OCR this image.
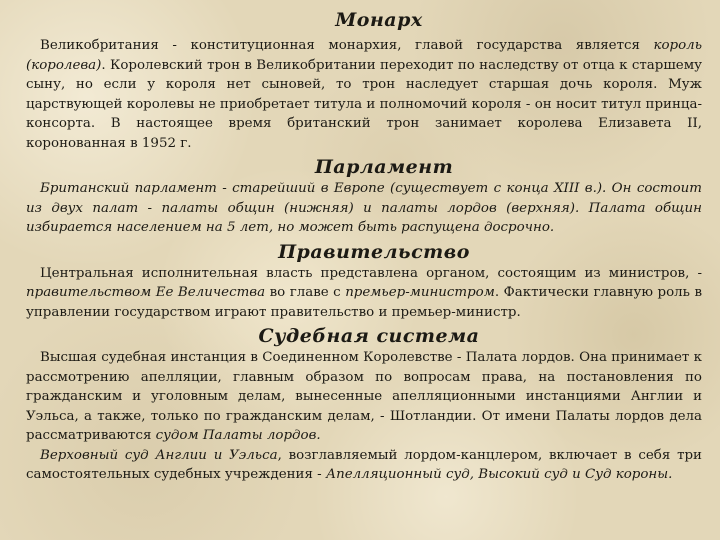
Монарх

Великобритания - конституционная монархия, главой государства является король (королева). Королевский трон в Великобритании переходит по наследству от отца к старшему сыну, но если у короля нет сыновей, то трон наследует старшая дочь короля. Муж царствующей королевы не приобретает титула и полномочий короля - он носит титул принца-консорта. В настоящее время британский трон занимает королева Елизавета II, коронованная в 1952 г.

Парламент

Британский парламент - старейший в Европе (существует с конца XIII в.). Он состоит из двух палат - палаты общин (нижняя) и палаты лордов (верхняя). Палата общин избирается населением на 5 лет, но может быть распущена досрочно.

Правительство

Центральная исполнительная власть представлена органом, состоящим из министров, - правительством Ее Величества во главе с премьер-министром. Фактически главную роль в управлении государством играют правительство и премьер-министр.

Судебная система

Высшая судебная инстанция в Соединенном Королевстве - Палата лордов. Она принимает к рассмотрению апелляции, главным образом по вопросам права, на постановления по гражданским и уголовным делам, вынесенные апелляционными инстанциями Англии и Уэльса, а также, только по гражданским делам, - Шотландии. От имени Палаты лордов дела рассматриваются судом Палаты лордов.

Верховный суд Англии и Уэльса, возглавляемый лордом-канцлером, включает в себя три самостоятельных судебных учреждения - Апелляционный суд, Высокий суд и Суд короны.
